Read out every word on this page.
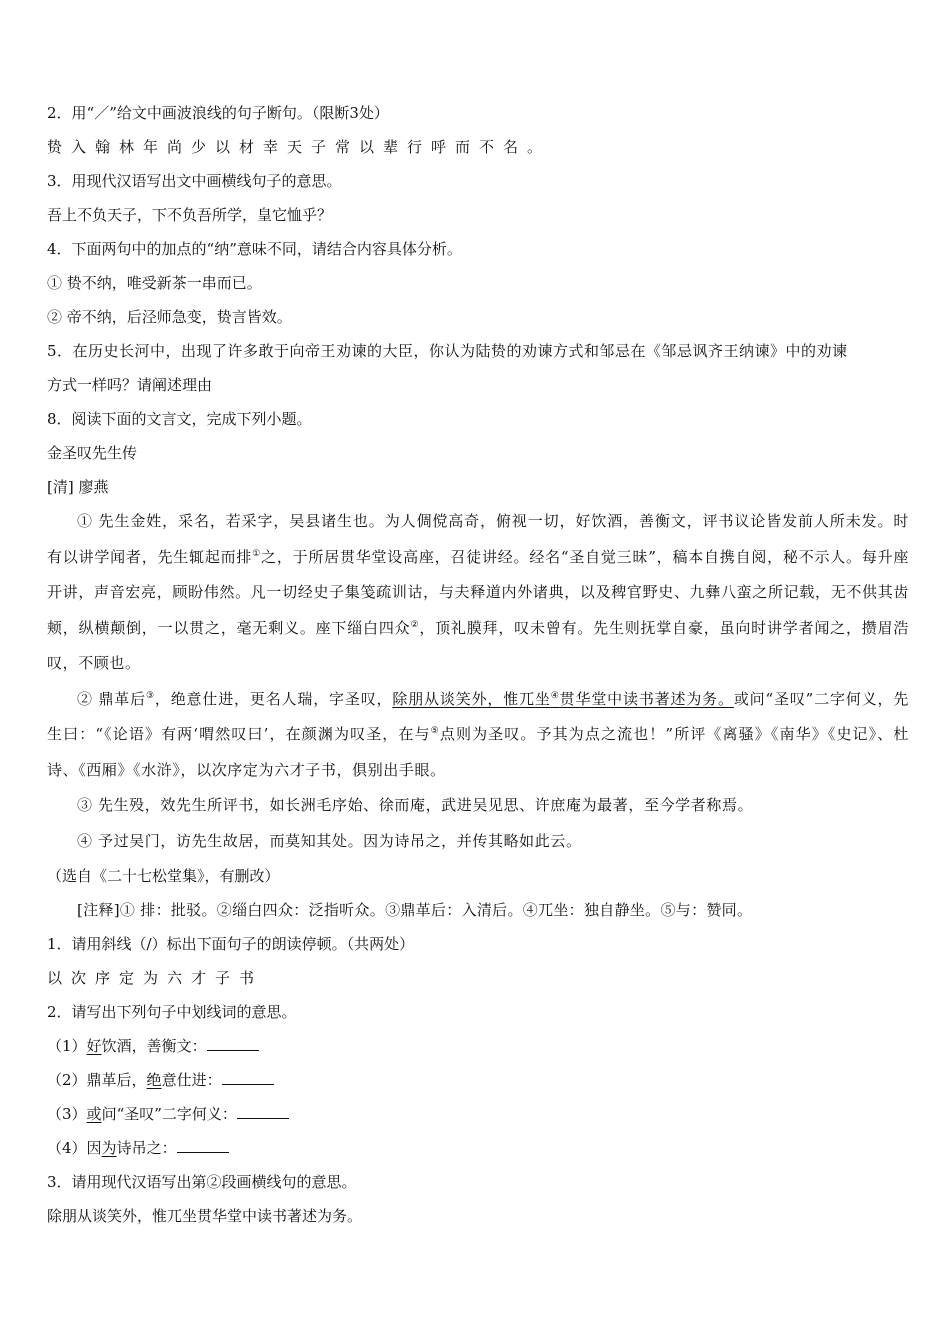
2．用“／”给文中画波浪线的句子断句。（限断3处）
贽入翰林年尚少以材幸天子常以辈行呼而不名。
3．用现代汉语写出文中画横线句子的意思。
吾上不负天子，下不负吾所学，皇它恤乎？
4．下面两句中的加点的“纳”意味不同，请结合内容具体分析。
① 贽不纳，唯受新茶一串而已。
② 帝不纳，后泾师急变，贽言皆效。
5．在历史长河中，出现了许多敢于向帝王劝谏的大臣，你认为陆贽的劝谏方式和邹忌在《邹忌讽齐王纳谏》中的劝谏
方式一样吗？请阐述理由
8．阅读下面的文言文，完成下列小题。
金圣叹先生传
[清] 廖燕
① 先生金姓，采名，若采字，吴县诸生也。为人倜傥高奇，俯视一切，好饮酒，善衡文，评书议论皆发前人所未发。时有以讲学闻者，先生辄起而排①之，于所居贯华堂设高座，召徒讲经。经名“圣自觉三昧”，稿本自携自阅，秘不示人。每升座开讲，声音宏亮，顾盼伟然。凡一切经史子集笺疏训诂，与夫释道内外诸典，以及稗官野史、九彝八蛮之所记载，无不供其齿颊，纵横颠倒，一以贯之，毫无剩义。座下缁白四众②，顶礼膜拜，叹未曾有。先生则抚掌自豪，虽向时讲学者闻之，攒眉浩叹，不顾也。
② 鼎革后③，绝意仕进，更名人瑞，字圣叹，除朋从谈笑外，惟兀坐④贯华堂中读书著述为务。或问“圣叹”二字何义，先生曰：“《论语》有两‘喟然叹曰’，在颜渊为叹圣，在与⑤点则为圣叹。予其为点之流也！”所评《离骚》《南华》《史记》、杜诗、《西厢》《水浒》，以次序定为六才子书，俱别出手眼。
③ 先生殁，效先生所评书，如长洲毛序始、徐而庵，武进吴见思、许庶庵为最著，至今学者称焉。
④ 予过吴门，访先生故居，而莫知其处。因为诗吊之，并传其略如此云。
（选自《二十七松堂集》，有删改）
[注释]① 排：批驳。②缁白四众：泛指听众。③鼎革后：入清后。④兀坐：独自静坐。⑤与：赞同。
1．请用斜线（/）标出下面句子的朗读停顿。（共两处）
以次序定为六才子书
2．请写出下列句子中划线词的意思。
（1）好饮酒，善衡文：
（2）鼎革后，绝意仕进：
（3）或问“圣叹”二字何义：
（4）因为诗吊之：
3．请用现代汉语写出第②段画横线句的意思。
除朋从谈笑外，惟兀坐贯华堂中读书著述为务。
